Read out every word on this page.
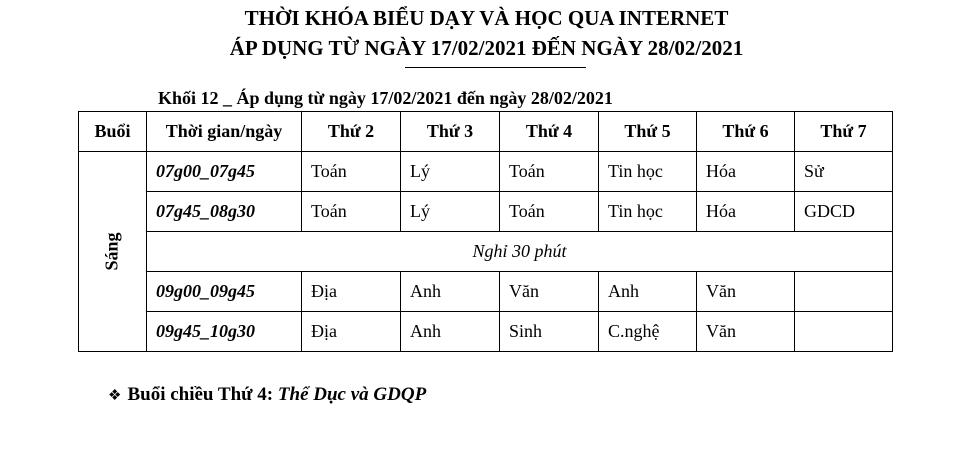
THỜI KHÓA BIỂU DẠY VÀ HỌC QUA INTERNET
ÁP DỤNG TỪ NGÀY 17/02/2021 ĐẾN NGÀY 28/02/2021
Khối 12 _ Áp dụng từ ngày 17/02/2021 đến ngày 28/02/2021
Buổi	Thời gian/ngày	Thứ 2	Thứ 3	Thứ 4	Thứ 5	Thứ 6	Thứ 7
Sáng	07g00_07g45	Toán	Lý	Toán	Tin học	Hóa	Sử
	07g45_08g30	Toán	Lý	Toán	Tin học	Hóa	GDCD
	Nghỉ 30 phút						
	09g00_09g45	Địa	Anh	Văn	Anh	Văn	
	09g45_10g30	Địa	Anh	Sinh	C.nghệ	Văn	
❖ Buổi chiều Thứ 4: Thể Dục và GDQP
